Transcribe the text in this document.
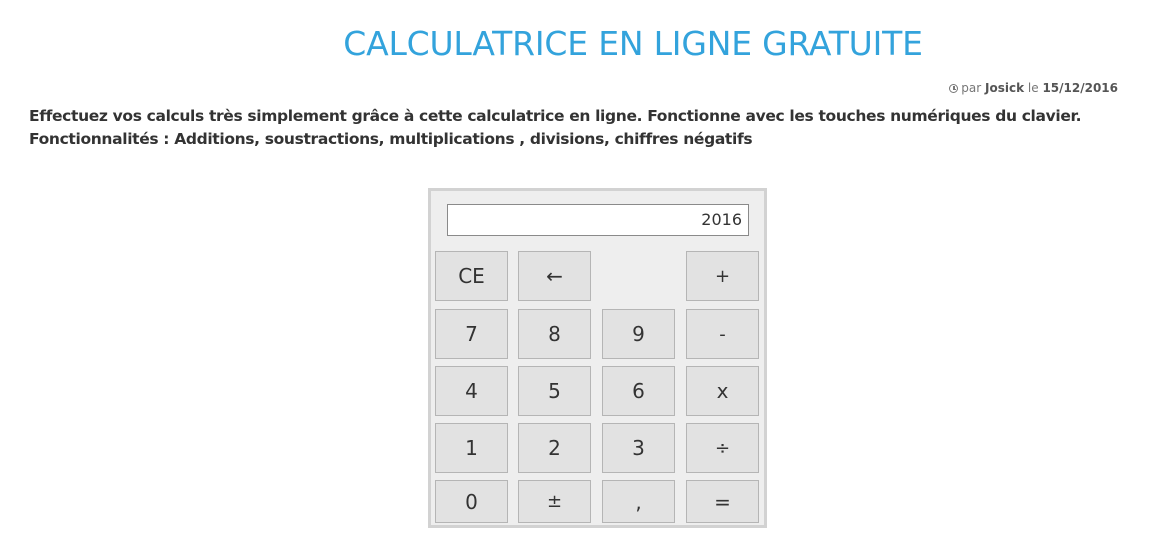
CALCULATRICE EN LIGNE GRATUITE
par Josick le 15/12/2016

Effectuez vos calculs très simplement grâce à cette calculatrice en ligne. Fonctionne avec les touches numériques du clavier.

Fonctionnalités : Additions, soustractions, multiplications , divisions, chiffres négatifs

2016
CE	←	+
7	8	9	-
4	5	6	x
1	2	3	÷
0	±	,	=
